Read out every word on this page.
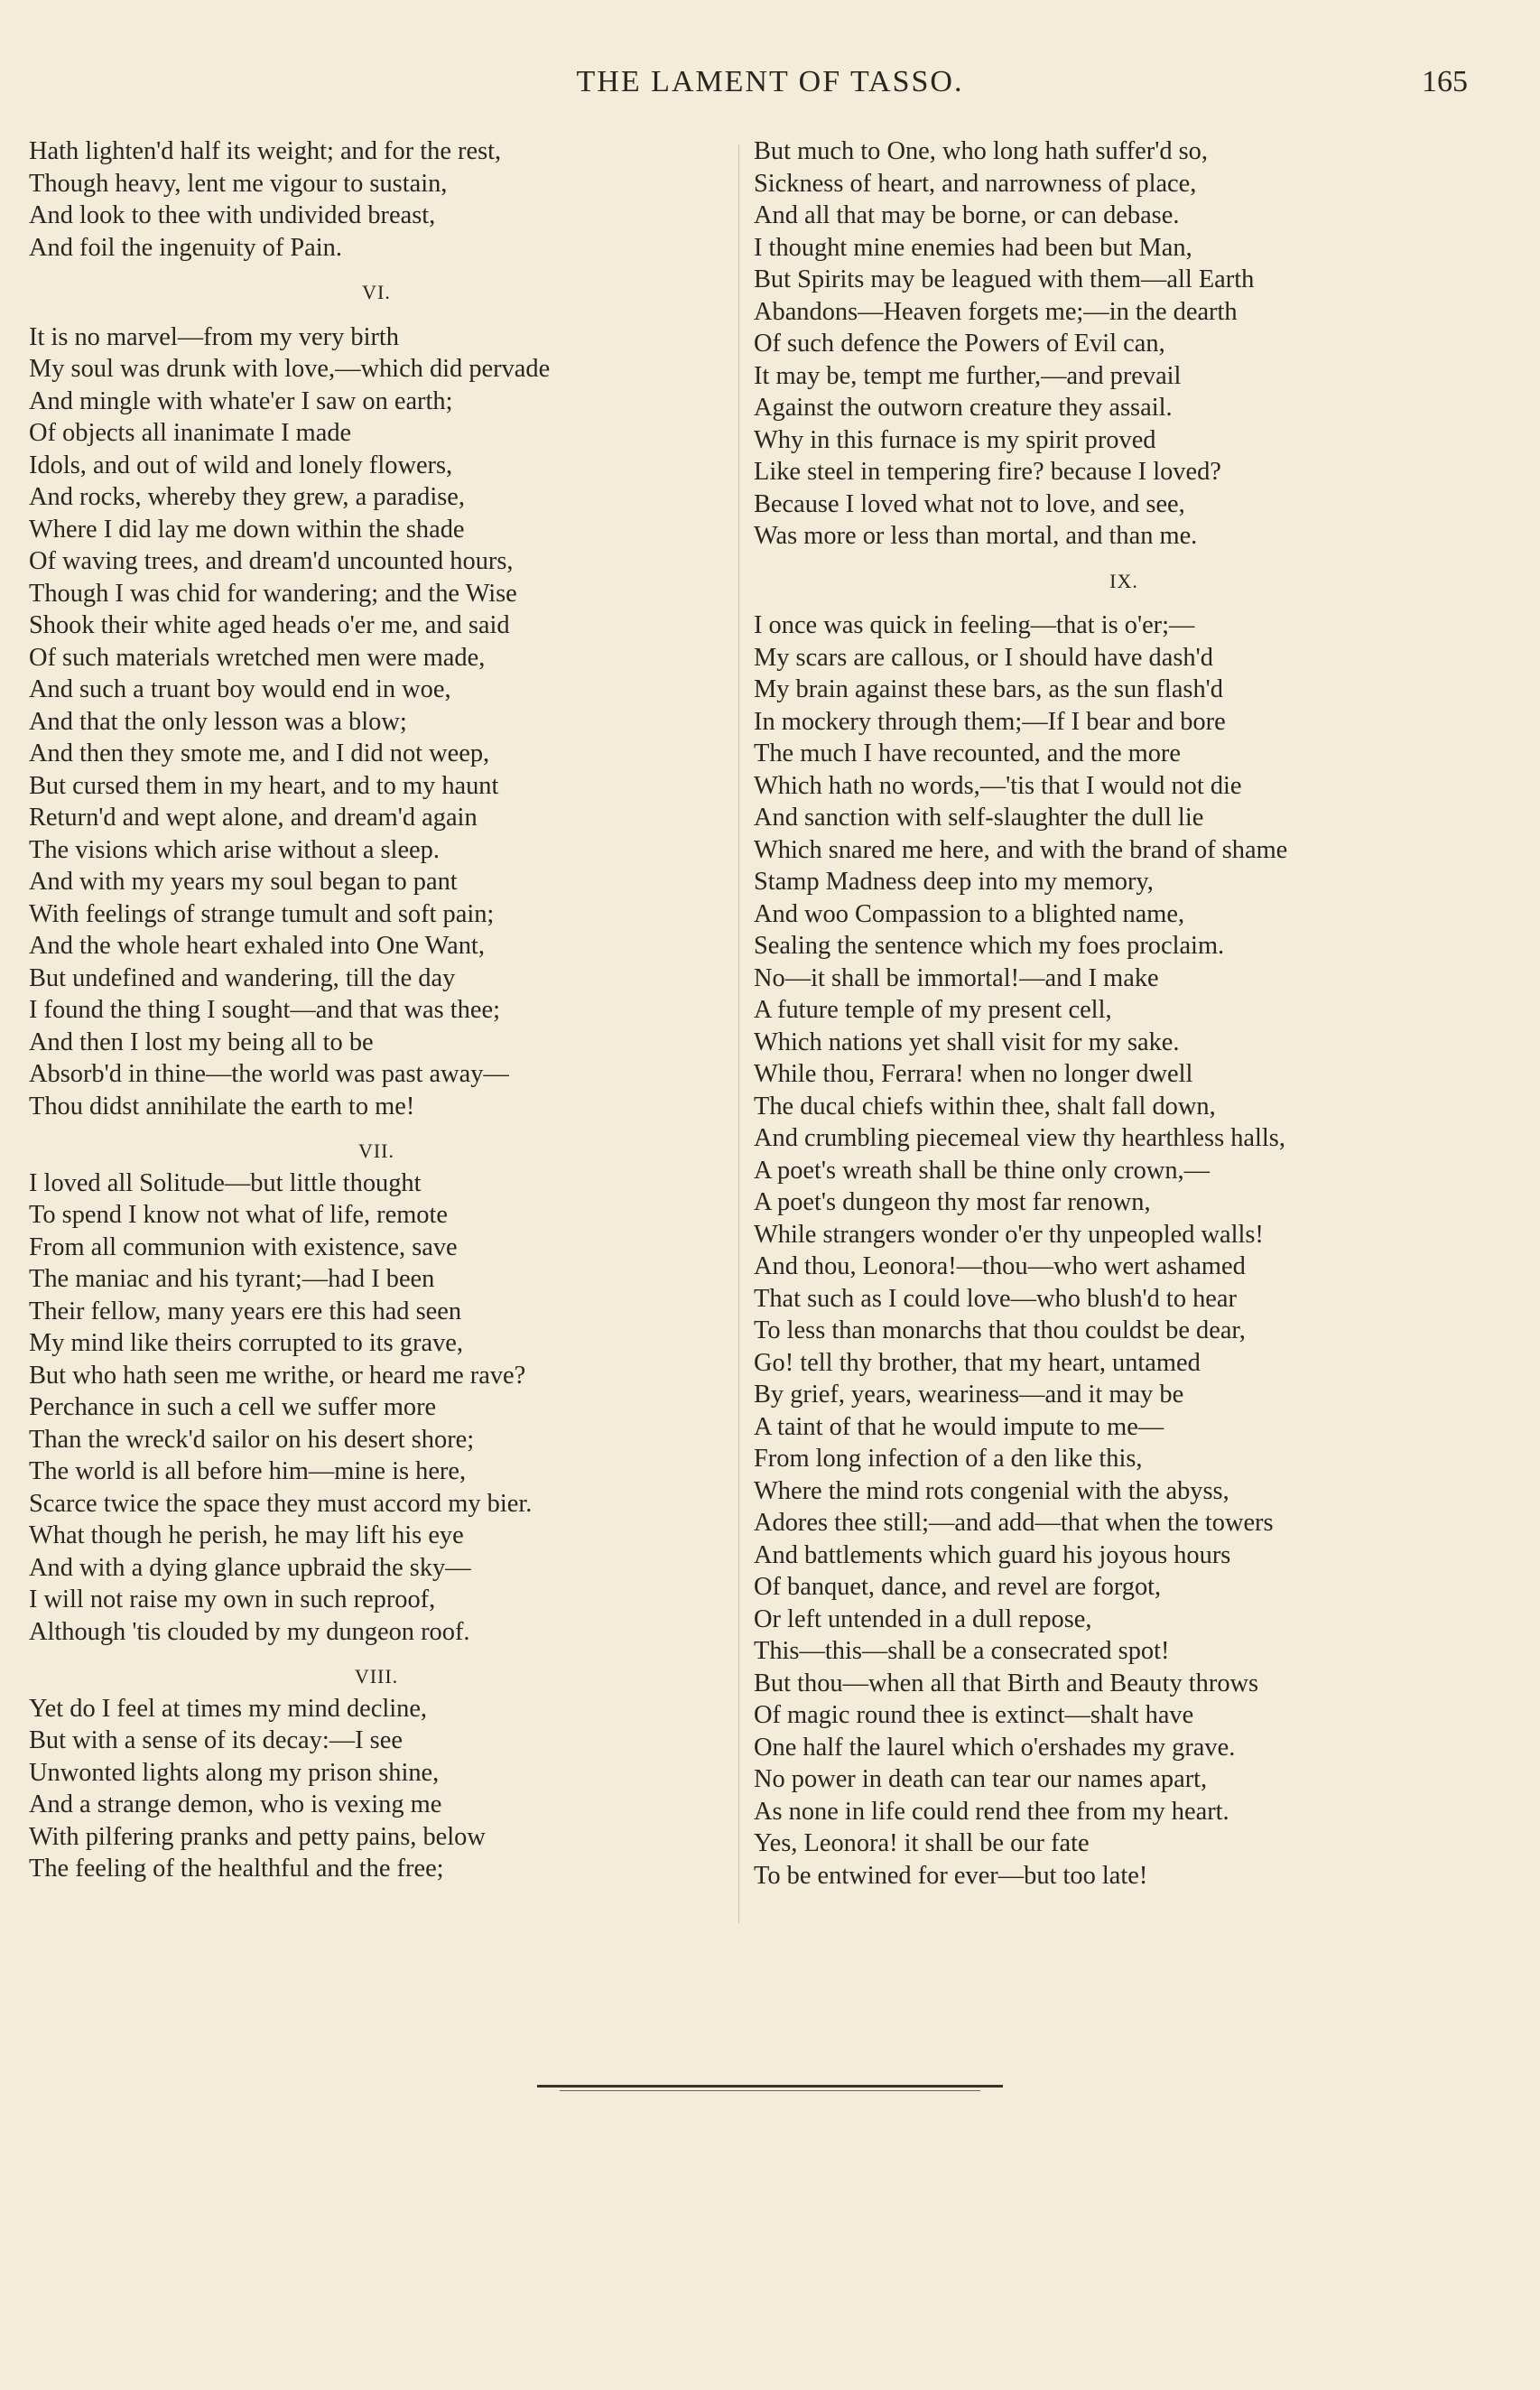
THE LAMENT OF TASSO.	165
Hath lighten'd half its weight; and for the rest,
Though heavy, lent me vigour to sustain,
And look to thee with undivided breast,
And foil the ingenuity of Pain.
VI.
It is no marvel—from my very birth
My soul was drunk with love,—which did pervade
And mingle with whate'er I saw on earth;
Of objects all inanimate I made
Idols, and out of wild and lonely flowers,
And rocks, whereby they grew, a paradise,
Where I did lay me down within the shade
Of waving trees, and dream'd uncounted hours,
Though I was chid for wandering; and the Wise
Shook their white aged heads o'er me, and said
Of such materials wretched men were made,
And such a truant boy would end in woe,
And that the only lesson was a blow;
And then they smote me, and I did not weep,
But cursed them in my heart, and to my haunt
Return'd and wept alone, and dream'd again
The visions which arise without a sleep.
And with my years my soul began to pant
With feelings of strange tumult and soft pain;
And the whole heart exhaled into One Want,
But undefined and wandering, till the day
I found the thing I sought—and that was thee;
And then I lost my being all to be
Absorb'd in thine—the world was past away—
Thou didst annihilate the earth to me!
VII.
I loved all Solitude—but little thought
To spend I know not what of life, remote
From all communion with existence, save
The maniac and his tyrant;—had I been
Their fellow, many years ere this had seen
My mind like theirs corrupted to its grave,
But who hath seen me writhe, or heard me rave?
Perchance in such a cell we suffer more
Than the wreck'd sailor on his desert shore;
The world is all before him—mine is here,
Scarce twice the space they must accord my bier.
What though he perish, he may lift his eye
And with a dying glance upbraid the sky—
I will not raise my own in such reproof,
Although 'tis clouded by my dungeon roof.
VIII.
Yet do I feel at times my mind decline,
But with a sense of its decay:—I see
Unwonted lights along my prison shine,
And a strange demon, who is vexing me
With pilfering pranks and petty pains, below
The feeling of the healthful and the free;
But much to One, who long hath suffer'd so,
Sickness of heart, and narrowness of place,
And all that may be borne, or can debase.
I thought mine enemies had been but Man,
But Spirits may be leagued with them—all Earth
Abandons—Heaven forgets me;—in the dearth
Of such defence the Powers of Evil can,
It may be, tempt me further,—and prevail
Against the outworn creature they assail.
Why in this furnace is my spirit proved
Like steel in tempering fire? because I loved?
Because I loved what not to love, and see,
Was more or less than mortal, and than me.
IX.
I once was quick in feeling—that is o'er;—
My scars are callous, or I should have dash'd
My brain against these bars, as the sun flash'd
In mockery through them;—If I bear and bore
The much I have recounted, and the more
Which hath no words,—'tis that I would not die
And sanction with self-slaughter the dull lie
Which snared me here, and with the brand of shame
Stamp Madness deep into my memory,
And woo Compassion to a blighted name,
Sealing the sentence which my foes proclaim.
No—it shall be immortal!—and I make
A future temple of my present cell,
Which nations yet shall visit for my sake.
While thou, Ferrara! when no longer dwell
The ducal chiefs within thee, shalt fall down,
And crumbling piecemeal view thy hearthless halls,
A poet's wreath shall be thine only crown,—
A poet's dungeon thy most far renown,
While strangers wonder o'er thy unpeopled walls!
And thou, Leonora!—thou—who wert ashamed
That such as I could love—who blush'd to hear
To less than monarchs that thou couldst be dear,
Go! tell thy brother, that my heart, untamed
By grief, years, weariness—and it may be
A taint of that he would impute to me—
From long infection of a den like this,
Where the mind rots congenial with the abyss,
Adores thee still;—and add—that when the towers
And battlements which guard his joyous hours
Of banquet, dance, and revel are forgot,
Or left untended in a dull repose,
This—this—shall be a consecrated spot!
But thou—when all that Birth and Beauty throws
Of magic round thee is extinct—shalt have
One half the laurel which o'ershades my grave.
No power in death can tear our names apart,
As none in life could rend thee from my heart.
Yes, Leonora! it shall be our fate
To be entwined for ever—but too late!
